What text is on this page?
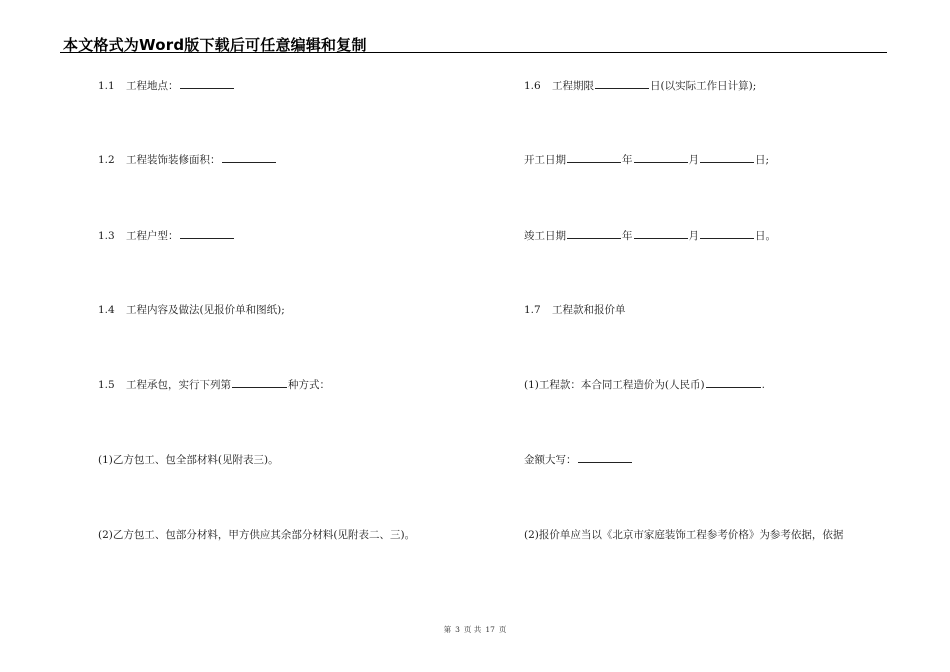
本文格式为Word版下载后可任意编辑和复制
1.1 工程地点：
1.2 工程装饰装修面积：
1.3 工程户型：
1.4 工程内容及做法(见报价单和图纸);
1.5 工程承包，实行下列第	种方式：
(1)乙方包工、包全部材料(见附表三)。
(2)乙方包工、包部分材料，甲方供应其余部分材料(见附表二、三)。
1.6 工程期限	日(以实际工作日计算);
开工日期	年	月	日;
竣工日期	年	月	日。
1.7 工程款和报价单
(1)工程款：本合同工程造价为(人民币)	.
金额大写：
(2)报价单应当以《北京市家庭装饰工程参考价格》为参考依据，依据
第 3 页 共 17 页
